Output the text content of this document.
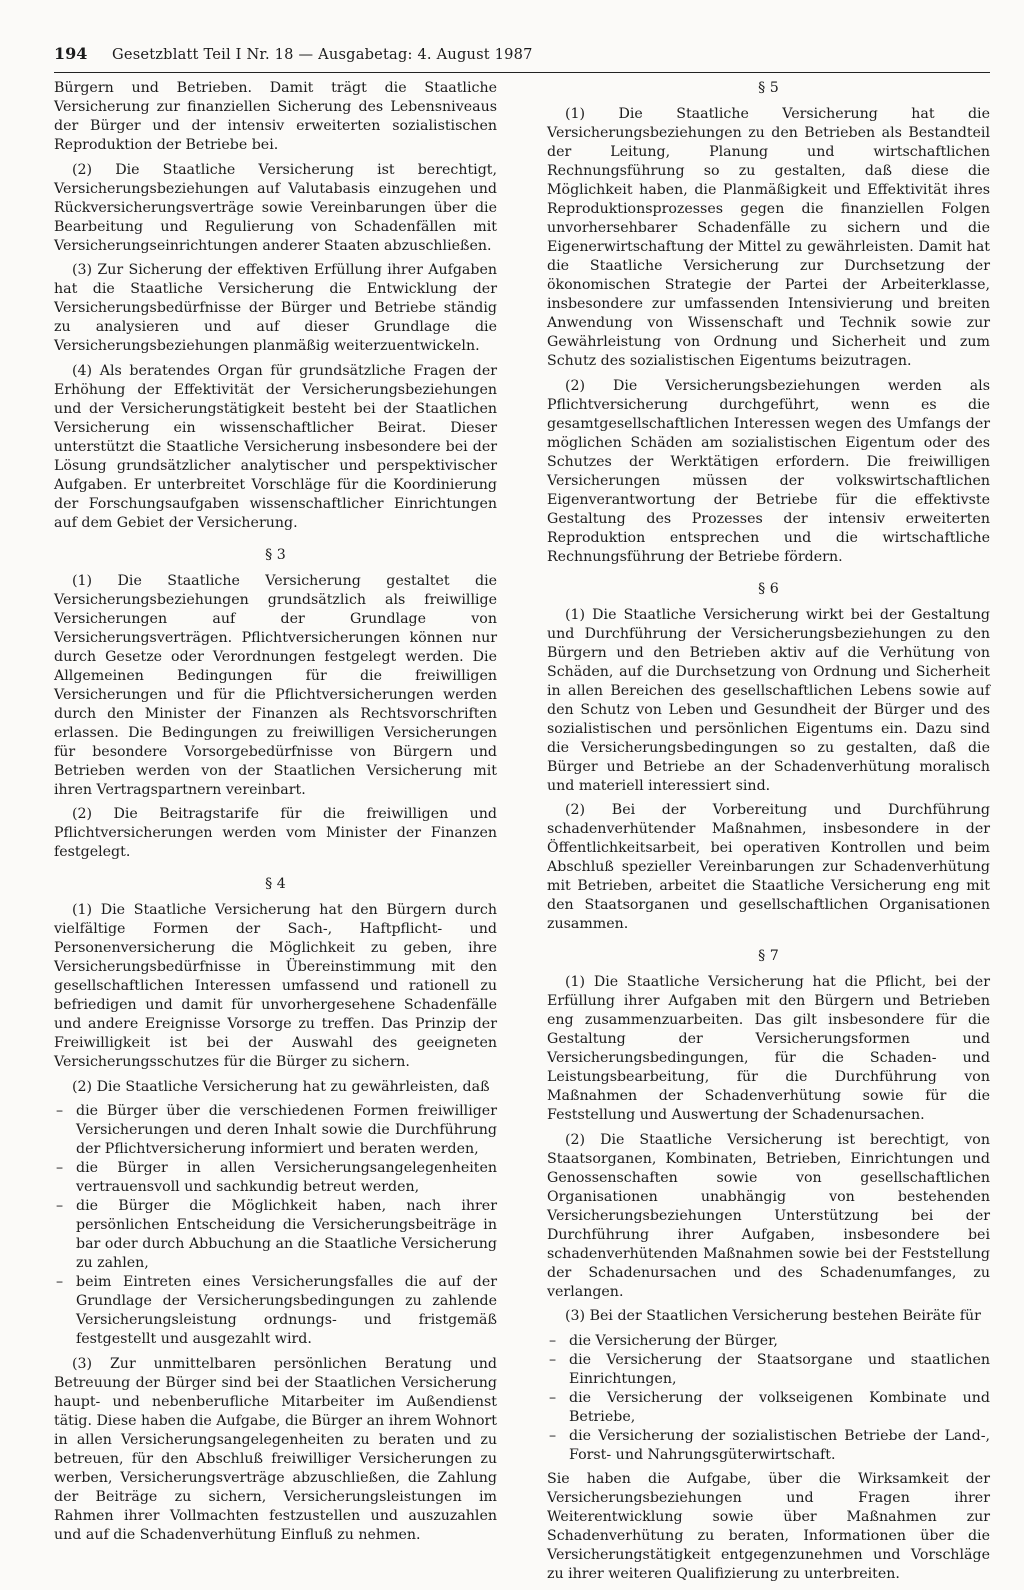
194	Gesetzblatt Teil I Nr. 18 — Ausgabetag: 4. August 1987

Bürgern und Betrieben. Damit trägt die Staatliche Versicherung zur finanziellen Sicherung des Lebensniveaus der Bürger und der intensiv erweiterten sozialistischen Reproduktion der Betriebe bei.

(2) Die Staatliche Versicherung ist berechtigt, Versicherungsbeziehungen auf Valutabasis einzugehen und Rückversicherungsverträge sowie Vereinbarungen über die Bearbeitung und Regulierung von Schadenfällen mit Versicherungseinrichtungen anderer Staaten abzuschließen.

(3) Zur Sicherung der effektiven Erfüllung ihrer Aufgaben hat die Staatliche Versicherung die Entwicklung der Versicherungsbedürfnisse der Bürger und Betriebe ständig zu analysieren und auf dieser Grundlage die Versicherungsbeziehungen planmäßig weiterzuentwickeln.

(4) Als beratendes Organ für grundsätzliche Fragen der Erhöhung der Effektivität der Versicherungsbeziehungen und der Versicherungstätigkeit besteht bei der Staatlichen Versicherung ein wissenschaftlicher Beirat. Dieser unterstützt die Staatliche Versicherung insbesondere bei der Lösung grundsätzlicher analytischer und perspektivischer Aufgaben. Er unterbreitet Vorschläge für die Koordinierung der Forschungsaufgaben wissenschaftlicher Einrichtungen auf dem Gebiet der Versicherung.

§ 3

(1) Die Staatliche Versicherung gestaltet die Versicherungsbeziehungen grundsätzlich als freiwillige Versicherungen auf der Grundlage von Versicherungsverträgen. Pflichtversicherungen können nur durch Gesetze oder Verordnungen festgelegt werden. Die Allgemeinen Bedingungen für die freiwilligen Versicherungen und für die Pflichtversicherungen werden durch den Minister der Finanzen als Rechtsvorschriften erlassen. Die Bedingungen zu freiwilligen Versicherungen für besondere Vorsorgebedürfnisse von Bürgern und Betrieben werden von der Staatlichen Versicherung mit ihren Vertragspartnern vereinbart.

(2) Die Beitragstarife für die freiwilligen und Pflichtversicherungen werden vom Minister der Finanzen festgelegt.

§ 4

(1) Die Staatliche Versicherung hat den Bürgern durch vielfältige Formen der Sach-, Haftpflicht- und Personenversicherung die Möglichkeit zu geben, ihre Versicherungsbedürfnisse in Übereinstimmung mit den gesellschaftlichen Interessen umfassend und rationell zu befriedigen und damit für unvorhergesehene Schadenfälle und andere Ereignisse Vorsorge zu treffen. Das Prinzip der Freiwilligkeit ist bei der Auswahl des geeigneten Versicherungsschutzes für die Bürger zu sichern.

(2) Die Staatliche Versicherung hat zu gewährleisten, daß

– die Bürger über die verschiedenen Formen freiwilliger Versicherungen und deren Inhalt sowie die Durchführung der Pflichtversicherung informiert und beraten werden,
– die Bürger in allen Versicherungsangelegenheiten vertrauensvoll und sachkundig betreut werden,
– die Bürger die Möglichkeit haben, nach ihrer persönlichen Entscheidung die Versicherungsbeiträge in bar oder durch Abbuchung an die Staatliche Versicherung zu zahlen,
– beim Eintreten eines Versicherungsfalles die auf der Grundlage der Versicherungsbedingungen zu zahlende Versicherungsleistung ordnungs- und fristgemäß festgestellt und ausgezahlt wird.

(3) Zur unmittelbaren persönlichen Beratung und Betreuung der Bürger sind bei der Staatlichen Versicherung haupt- und nebenberufliche Mitarbeiter im Außendienst tätig. Diese haben die Aufgabe, die Bürger an ihrem Wohnort in allen Versicherungsangelegenheiten zu beraten und zu betreuen, für den Abschluß freiwilliger Versicherungen zu werben, Versicherungsverträge abzuschließen, die Zahlung der Beiträge zu sichern, Versicherungsleistungen im Rahmen ihrer Vollmachten festzustellen und auszuzahlen und auf die Schadenverhütung Einfluß zu nehmen.

§ 5

(1) Die Staatliche Versicherung hat die Versicherungsbeziehungen zu den Betrieben als Bestandteil der Leitung, Planung und wirtschaftlichen Rechnungsführung so zu gestalten, daß diese die Möglichkeit haben, die Planmäßigkeit und Effektivität ihres Reproduktionsprozesses gegen die finanziellen Folgen unvorhersehbarer Schadenfälle zu sichern und die Eigenerwirtschaftung der Mittel zu gewährleisten. Damit hat die Staatliche Versicherung zur Durchsetzung der ökonomischen Strategie der Partei der Arbeiterklasse, insbesondere zur umfassenden Intensivierung und breiten Anwendung von Wissenschaft und Technik sowie zur Gewährleistung von Ordnung und Sicherheit und zum Schutz des sozialistischen Eigentums beizutragen.

(2) Die Versicherungsbeziehungen werden als Pflichtversicherung durchgeführt, wenn es die gesamtgesellschaftlichen Interessen wegen des Umfangs der möglichen Schäden am sozialistischen Eigentum oder des Schutzes der Werktätigen erfordern. Die freiwilligen Versicherungen müssen der volkswirtschaftlichen Eigenverantwortung der Betriebe für die effektivste Gestaltung des Prozesses der intensiv erweiterten Reproduktion entsprechen und die wirtschaftliche Rechnungsführung der Betriebe fördern.

§ 6

(1) Die Staatliche Versicherung wirkt bei der Gestaltung und Durchführung der Versicherungsbeziehungen zu den Bürgern und den Betrieben aktiv auf die Verhütung von Schäden, auf die Durchsetzung von Ordnung und Sicherheit in allen Bereichen des gesellschaftlichen Lebens sowie auf den Schutz von Leben und Gesundheit der Bürger und des sozialistischen und persönlichen Eigentums ein. Dazu sind die Versicherungsbedingungen so zu gestalten, daß die Bürger und Betriebe an der Schadenverhütung moralisch und materiell interessiert sind.

(2) Bei der Vorbereitung und Durchführung schadenverhütender Maßnahmen, insbesondere in der Öffentlichkeitsarbeit, bei operativen Kontrollen und beim Abschluß spezieller Vereinbarungen zur Schadenverhütung mit Betrieben, arbeitet die Staatliche Versicherung eng mit den Staatsorganen und gesellschaftlichen Organisationen zusammen.

§ 7

(1) Die Staatliche Versicherung hat die Pflicht, bei der Erfüllung ihrer Aufgaben mit den Bürgern und Betrieben eng zusammenzuarbeiten. Das gilt insbesondere für die Gestaltung der Versicherungsformen und Versicherungsbedingungen, für die Schaden- und Leistungsbearbeitung, für die Durchführung von Maßnahmen der Schadenverhütung sowie für die Feststellung und Auswertung der Schadenursachen.

(2) Die Staatliche Versicherung ist berechtigt, von Staatsorganen, Kombinaten, Betrieben, Einrichtungen und Genossenschaften sowie von gesellschaftlichen Organisationen unabhängig von bestehenden Versicherungsbeziehungen Unterstützung bei der Durchführung ihrer Aufgaben, insbesondere bei schadenverhütenden Maßnahmen sowie bei der Feststellung der Schadenursachen und des Schadenumfanges, zu verlangen.

(3) Bei der Staatlichen Versicherung bestehen Beiräte für

– die Versicherung der Bürger,
– die Versicherung der Staatsorgane und staatlichen Einrichtungen,
– die Versicherung der volkseigenen Kombinate und Betriebe,
– die Versicherung der sozialistischen Betriebe der Land-, Forst- und Nahrungsgüterwirtschaft.

Sie haben die Aufgabe, über die Wirksamkeit der Versicherungsbeziehungen und Fragen ihrer Weiterentwicklung sowie über Maßnahmen zur Schadenverhütung zu beraten, Informationen über die Versicherungstätigkeit entgegenzunehmen und Vorschläge zu ihrer weiteren Qualifizierung zu unterbreiten.
